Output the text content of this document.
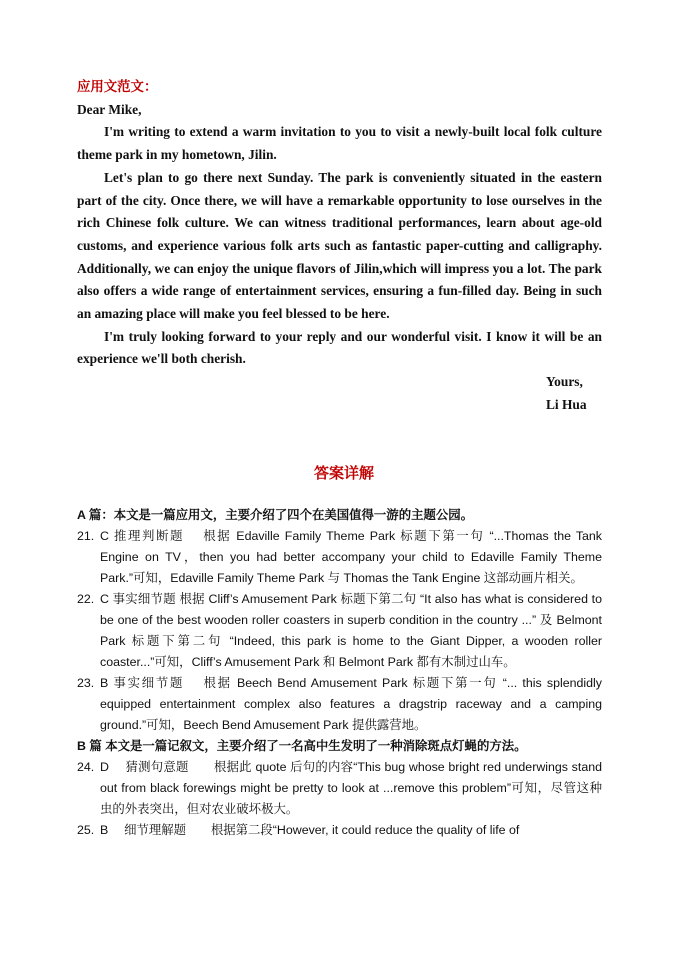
应用文范文：

Dear Mike,

I'm writing to extend a warm invitation to you to visit a newly-built local folk culture theme park in my hometown, Jilin.

Let's plan to go there next Sunday. The park is conveniently situated in the eastern part of the city. Once there, we will have a remarkable opportunity to lose ourselves in the rich Chinese folk culture. We can witness traditional performances, learn about age-old customs, and experience various folk arts such as fantastic paper-cutting and calligraphy. Additionally, we can enjoy the unique flavors of Jilin,which will impress you a lot. The park also offers a wide range of entertainment services, ensuring a fun-filled day. Being in such an amazing place will make you feel blessed to be here.

I'm truly looking forward to your reply and our wonderful visit. I know it will be an experience we'll both cherish.

Yours,

Li Hua

答案详解

A 篇：本文是一篇应用文，主要介绍了四个在美国值得一游的主题公园。

21. C 推理判断题　 根据 Edaville Family Theme Park 标题下第一句 “...Thomas the Tank Engine on TV，then you had better accompany your child to Edaville Family Theme Park.”可知，Edaville Family Theme Park 与 Thomas the Tank Engine 这部动画片相关。
22. C 事实细节题 根据 Cliff’s Amusement Park 标题下第二句 “It also has what is considered to be one of the best wooden roller coasters in superb condition in the country ...” 及 Belmont Park 标题下第二句 “Indeed, this park is home to the Giant Dipper, a wooden roller coaster...”可知，Cliff’s Amusement Park 和 Belmont Park 都有木制过山车。
23. B 事实细节题　 根据 Beech Bend Amusement Park 标题下第一句 “... this splendidly equipped entertainment complex also features a dragstrip raceway and a camping ground.”可知，Beech Bend Amusement Park 提供露营地。

B 篇 本文是一篇记叙文，主要介绍了一名高中生发明了一种消除斑点灯蝇的方法。

24. D　 猜测句意题　　根据此 quote 后句的内容“This bug whose bright red underwings stand out from black forewings might be pretty to look at ...remove this problem”可知，尽管这种虫的外表突出，但对农业破坏极大。
25. B　 细节理解题　　根据第二段“However, it could reduce the quality of life of
